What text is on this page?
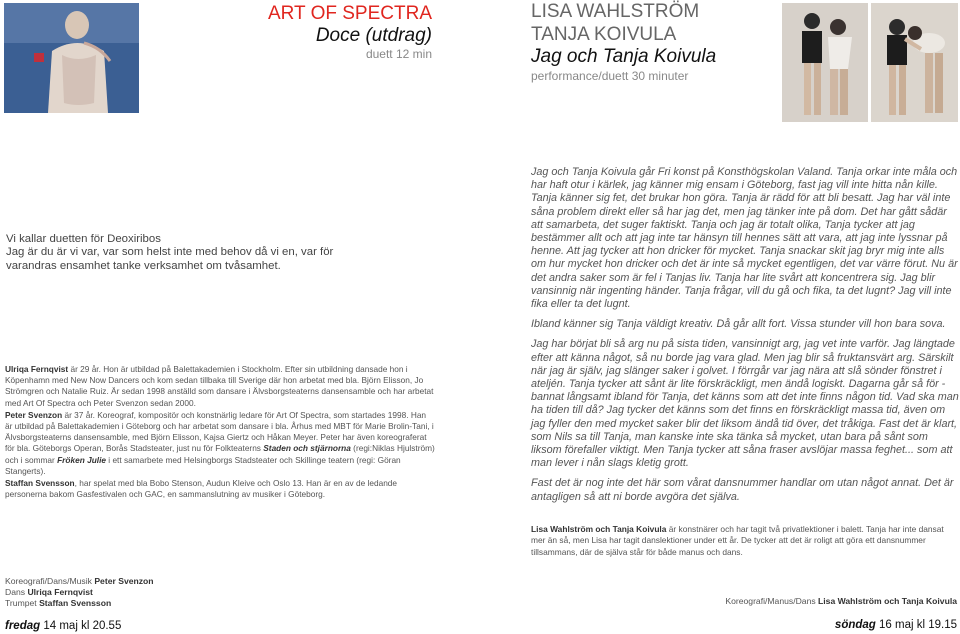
ART OF SPECTRA
Doce (utdrag)
duett 12 min
LISA WAHLSTRÖM
TANJA KOIVULA
Jag och Tanja Koivula
performance/duett 30 minuter
Vi kallar duetten för Deoxiribos
Jag är du är vi var, var som helst inte med behov då vi en, var för varandras ensamhet tanke verksamhet om tvåsamhet.

Ulriqa Fernqvist är 29 år. Hon är utbildad på Balettakademien i Stockholm. Efter sin utbildning dansade hon i Köpenhamn med New Now Dancers och kom sedan tillbaka till Sverige där hon arbetat med bla. Björn Elisson, Jo Strömgren och Natalie Ruiz. Är sedan 1998 anställd som dansare i Älvsborgsteaterns dansensamble och har arbetat med Art Of Spectra och Peter Svenzon sedan 2000.

Peter Svenzon är 37 år. Koreograf, kompositör och konstnärlig ledare för Art Of Spectra, som startades 1998. Han är utbildad på Balettakademien i Göteborg och har arbetat som dansare i bla. Århus med MBT för Marie Brolin-Tani, i Älvsborgsteaterns dansensamble, med Björn Elisson, Kajsa Giertz och Håkan Meyer. Peter har även koreograferat för bla. Göteborgs Operan, Borås Stadsteater, just nu för Folkteaterns Staden och stjärnorna (regi:Niklas Hjulström) och i sommar Fröken Julie i ett samarbete med Helsingborgs Stadsteater och Skillinge teatern (regi: Göran Stangerts).

Staffan Svensson, har spelat med bla Bobo Stenson, Audun Kleive och Oslo 13. Han är en av de ledande personerna bakom Gasfestivalen och GAC, en sammanslutning av musiker i Göteborg.

Jag och Tanja Koivula går Fri konst på Konsthögskolan Valand. Tanja orkar inte måla och har haft otur i kärlek, jag känner mig ensam i Göteborg, fast jag vill inte hitta nån kille. Tanja känner sig fet, det brukar hon göra. Tanja är rädd för att bli besatt. Jag har väl inte såna problem direkt eller så har jag det, men jag tänker inte på dom. Det har gått sådär att samarbeta, det suger faktiskt. Tanja och jag är totalt olika, Tanja tycker att jag bestämmer allt och att jag inte tar hänsyn till hennes sätt att vara, att jag inte lyssnar på henne. Att jag tycker att hon dricker för mycket. Tanja snackar skit jag bryr mig inte alls om hur mycket hon dricker och det är inte så mycket egentligen, det var värre förut. Nu är det andra saker som är fel i Tanjas liv. Tanja har lite svårt att koncentrera sig. Jag blir vansinnig när ingenting händer. Tanja frågar, vill du gå och fika, ta det lugnt? Jag vill inte fika eller ta det lugnt.

Ibland känner sig Tanja väldigt kreativ. Då går allt fort. Vissa stunder vill hon bara sova.

Jag har börjat bli så arg nu på sista tiden, vansinnigt arg, jag vet inte varför. Jag längtade efter att känna något, så nu borde jag vara glad. Men jag blir så fruktansvärt arg. Särskilt när jag är själv, jag slänger saker i golvet. I förrgår var jag nära att slå sönder fönstret i ateljén. Tanja tycker att sånt är lite förskräckligt, men ändå logiskt. Dagarna går så för - bannat långsamt ibland för Tanja, det känns som att det inte finns någon tid. Vad ska man ha tiden till då? Jag tycker det känns som det finns en förskräckligt massa tid, även om jag fyller den med mycket saker blir det liksom ändå tid över, det tråkiga. Fast det är klart, som Nils sa till Tanja, man kanske inte ska tänka så mycket, utan bara på sånt som liksom förefaller viktigt. Men Tanja tycker att såna fraser avslöjar massa feghet... som att man lever i nån slags kletig grott.

Fast det är nog inte det här som vårat dansnummer handlar om utan något annat. Det är antagligen så att ni borde avgöra det själva.

Lisa Wahlström och Tanja Koivula är konstnärer och har tagit två privatlektioner i balett. Tanja har inte dansat mer än så, men Lisa har tagit danslektioner under ett år. De tycker att det är roligt att göra ett dansnummer tillsammans, där de själva står för både manus och dans.
Koreografi/Dans/Musik Peter Svenzon
Dans Ulriqa Fernqvist
Trumpet Staffan Svensson
fredag 14 maj kl 20.55
Koreografi/Manus/Dans Lisa Wahlström och Tanja Koivula
söndag 16 maj kl 19.15
